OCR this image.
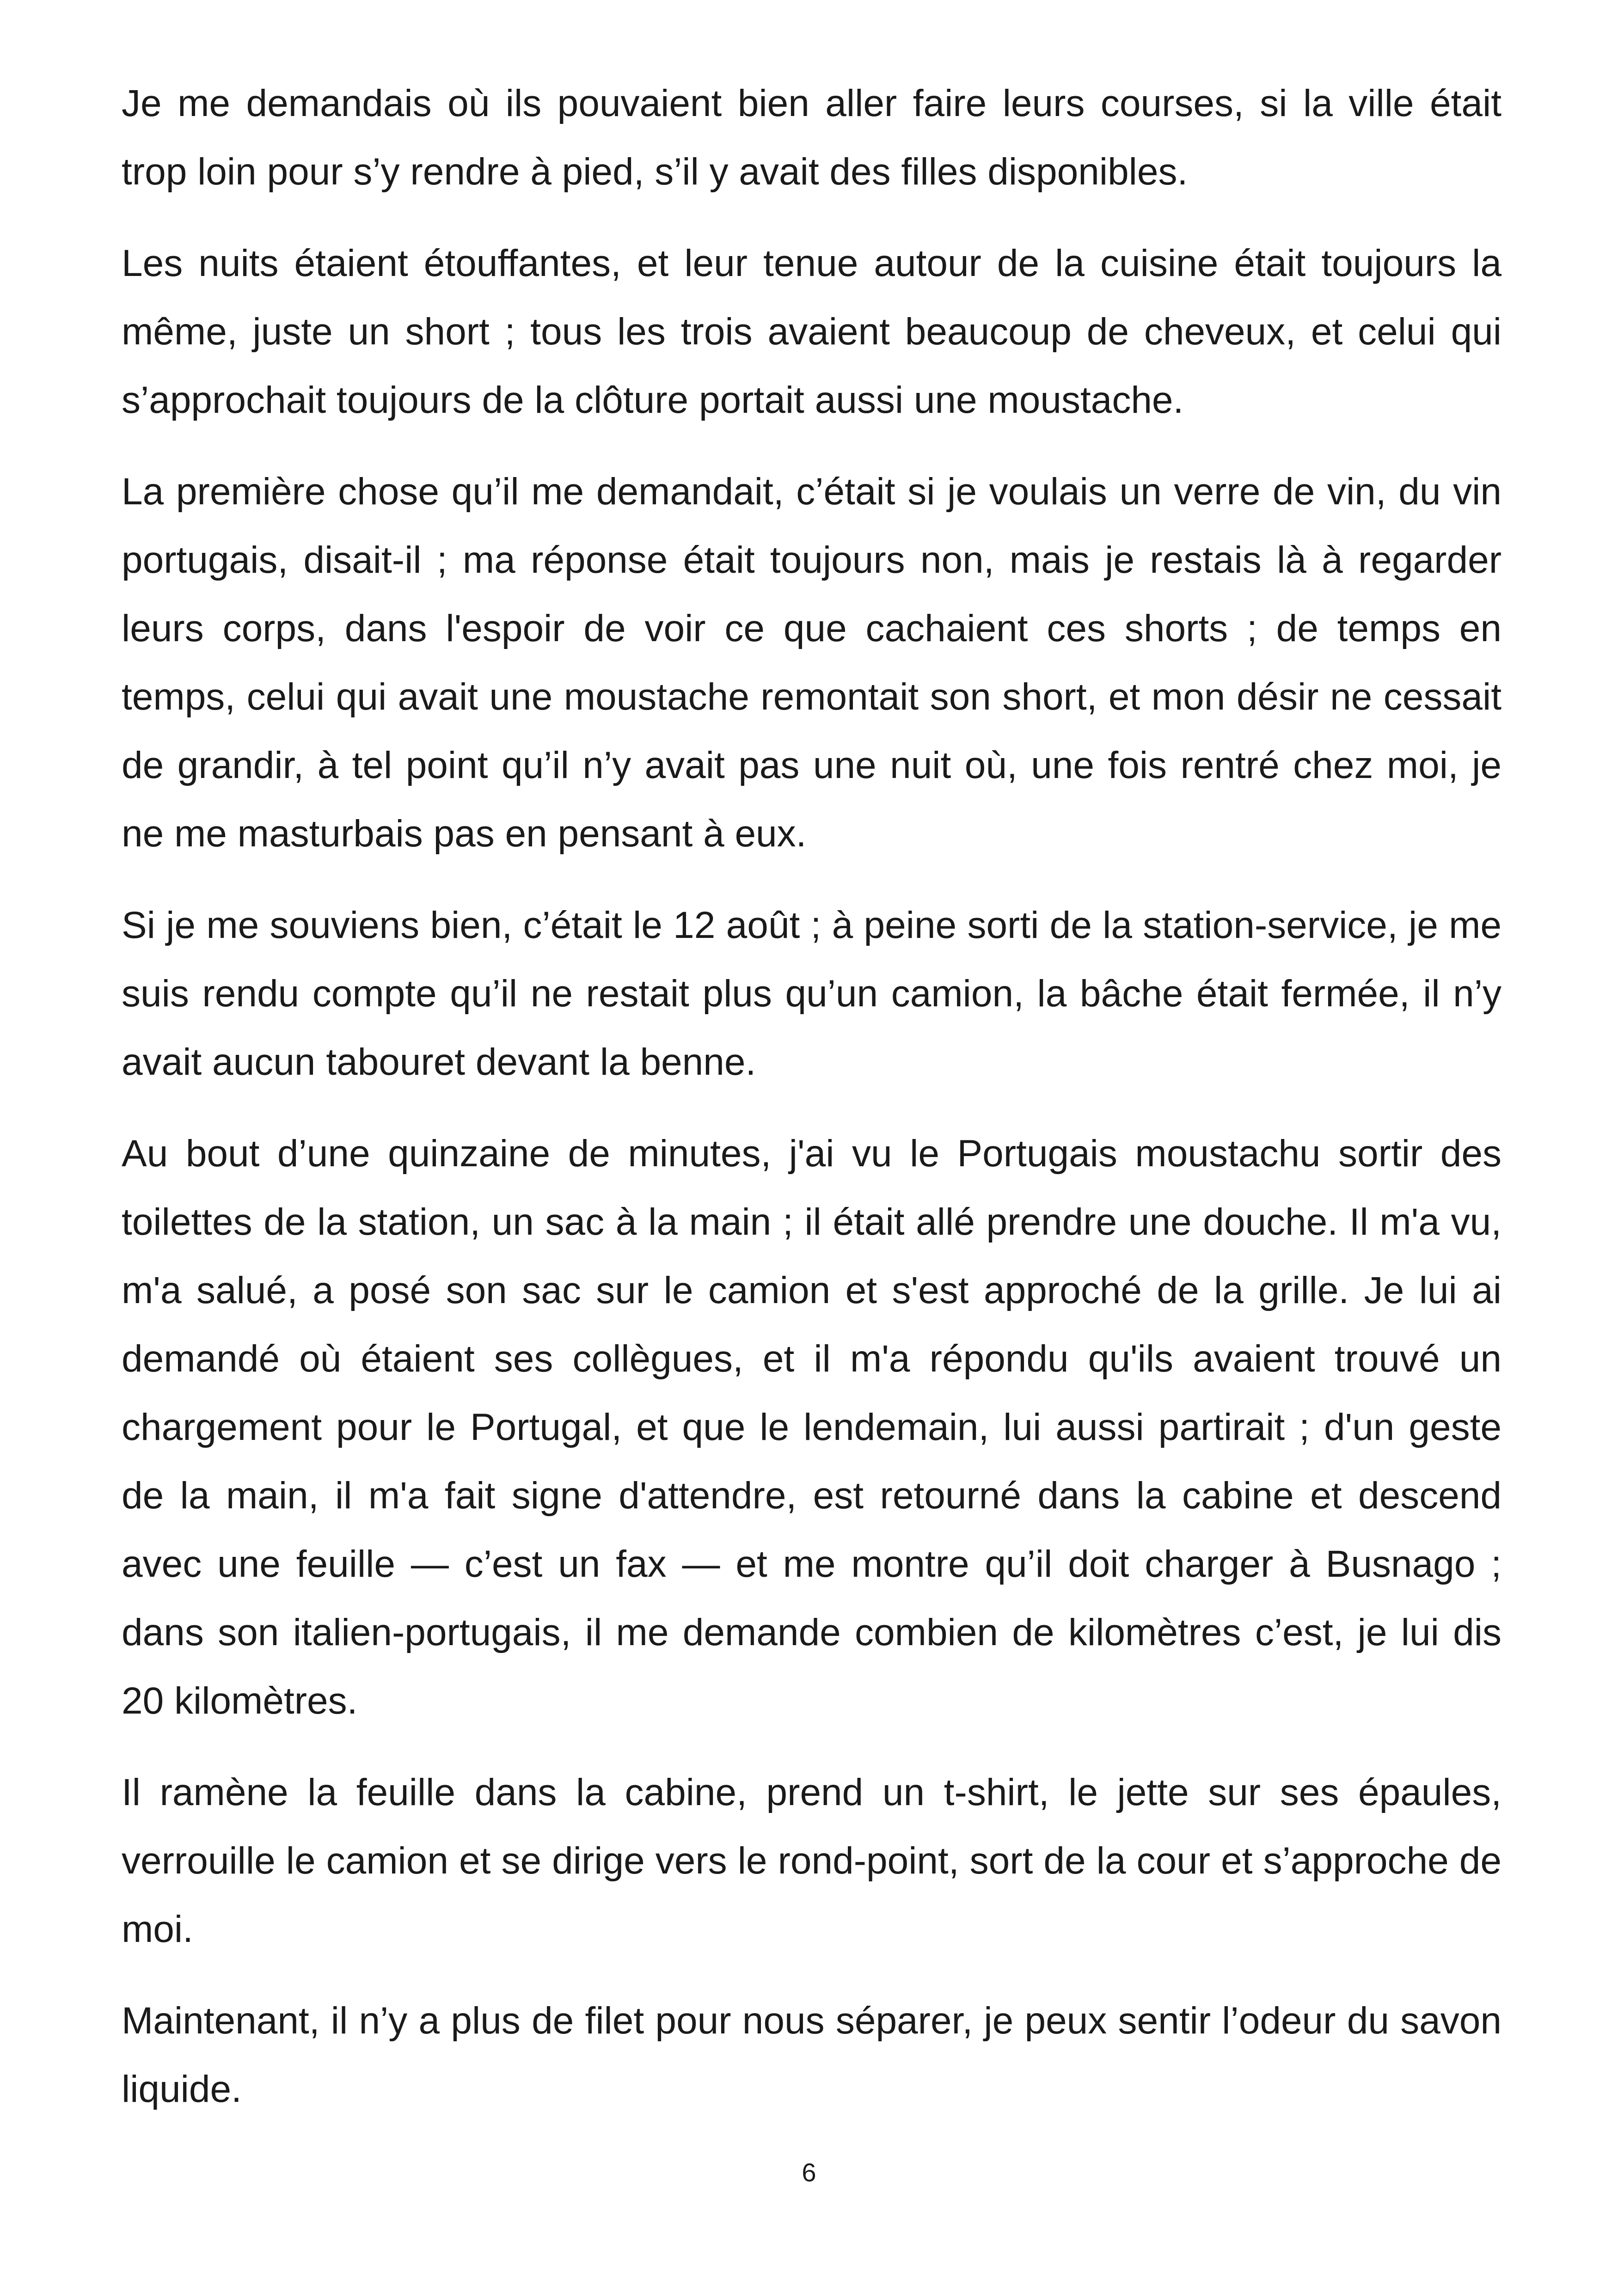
Je me demandais où ils pouvaient bien aller faire leurs courses, si la ville était trop loin pour s’y rendre à pied, s’il y avait des filles disponibles.

Les nuits étaient étouffantes, et leur tenue autour de la cuisine était toujours la même, juste un short ; tous les trois avaient beaucoup de cheveux, et celui qui s’approchait toujours de la clôture portait aussi une moustache.

La première chose qu’il me demandait, c’était si je voulais un verre de vin, du vin portugais, disait-il ; ma réponse était toujours non, mais je restais là à regarder leurs corps, dans l'espoir de voir ce que cachaient ces shorts ; de temps en temps, celui qui avait une moustache remontait son short, et mon désir ne cessait de grandir, à tel point qu’il n’y avait pas une nuit où, une fois rentré chez moi, je ne me masturbais pas en pensant à eux.

Si je me souviens bien, c’était le 12 août ; à peine sorti de la station-service, je me suis rendu compte qu’il ne restait plus qu’un camion, la bâche était fermée, il n’y avait aucun tabouret devant la benne.

Au bout d’une quinzaine de minutes, j'ai vu le Portugais moustachu sortir des toilettes de la station, un sac à la main ; il était allé prendre une douche. Il m'a vu, m'a salué, a posé son sac sur le camion et s'est approché de la grille. Je lui ai demandé où étaient ses collègues, et il m'a répondu qu'ils avaient trouvé un chargement pour le Portugal, et que le lendemain, lui aussi partirait ; d'un geste de la main, il m'a fait signe d'attendre, est retourné dans la cabine et descend avec une feuille — c’est un fax — et me montre qu’il doit charger à Busnago ; dans son italien-portugais, il me demande combien de kilomètres c’est, je lui dis 20 kilomètres.

Il ramène la feuille dans la cabine, prend un t-shirt, le jette sur ses épaules, verrouille le camion et se dirige vers le rond-point, sort de la cour et s’approche de moi.

Maintenant, il n’y a plus de filet pour nous séparer, je peux sentir l’odeur du savon liquide.

6
